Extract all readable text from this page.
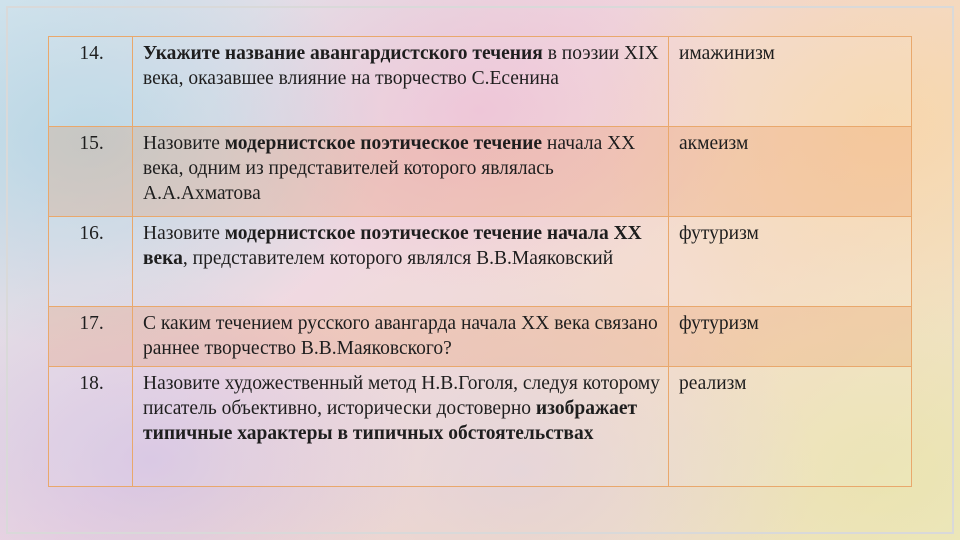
14.	Укажите название авангардистского течения в поэзии XIX века, оказавшее влияние на творчество С.Есенина	имажинизм
15.	Назовите модернистское поэтическое течение начала XX века, одним из представителей которого являлась А.А.Ахматова	акмеизм
16.	Назовите модернистское поэтическое течение начала XX века, представителем которого являлся В.В.Маяковский	футуризм
17.	С каким течением русского авангарда начала XX века связано раннее творчество В.В.Маяковского?	футуризм
18.	Назовите художественный метод Н.В.Гоголя, следуя которому писатель объективно, исторически достоверно изображает типичные характеры в типичных обстоятельствах	реализм
